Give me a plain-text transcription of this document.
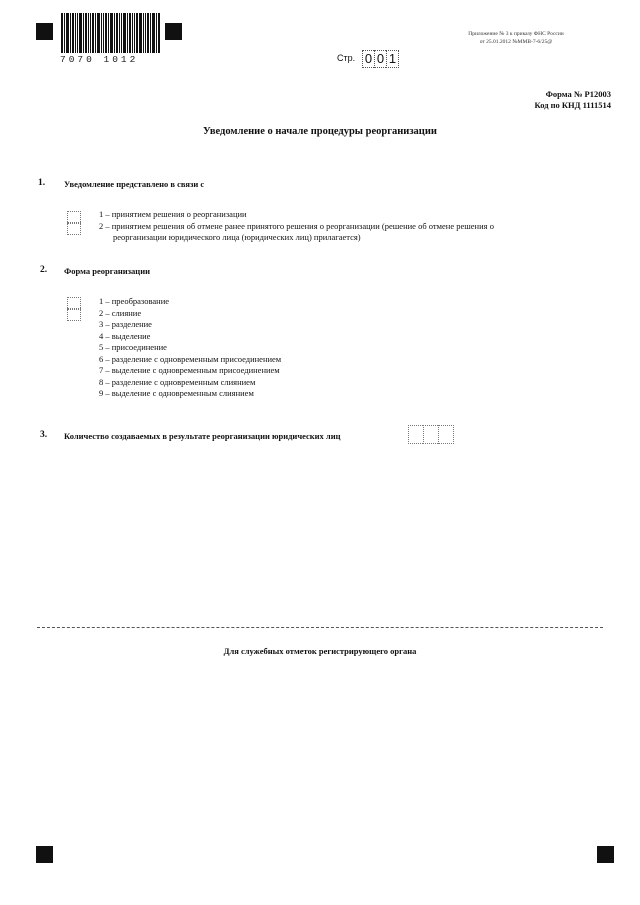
7070 1012	Стр. 0 0 1
Приложение № 3 к приказу ФНС России
от 25.01.2012 №ММВ-7-6/25@
Форма № Р12003
Код по КНД 1111514
Уведомление о начале процедуры реорганизации
1. Уведомление представлено в связи с
1 – принятием решения о реорганизации
2 – принятием решения об отмене ранее принятого решения о реорганизации (решение об отмене решения о
реорганизации юридического лица (юридических лиц) прилагается)
2. Форма реорганизации
1 – преобразование
2 – слияние
3 – разделение
4 – выделение
5 – присоединение
6 – разделение с одновременным присоединением
7 – выделение с одновременным присоединением
8 – разделение с одновременным слиянием
9 – выделение с одновременным слиянием
3. Количество создаваемых в результате реорганизации юридических лиц
Для служебных отметок регистрирующего органа
